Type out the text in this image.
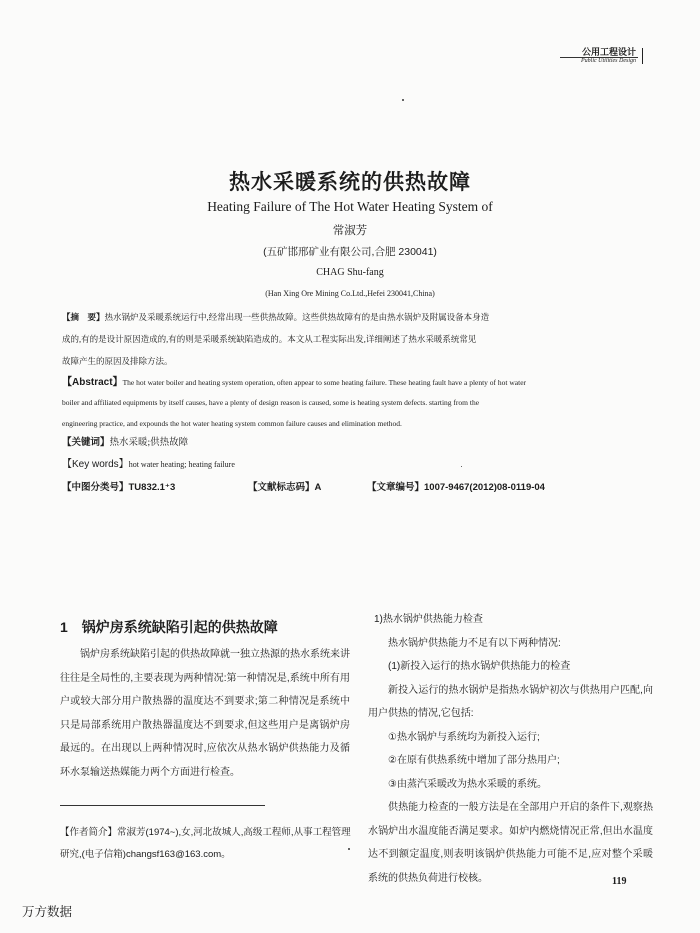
公用工程设计
Public Utilities Design
热水采暖系统的供热故障
Heating Failure of The Hot Water Heating System of
常淑芳
(五矿邯邢矿业有限公司,合肥 230041)
CHAG Shu-fang
(Han Xing Ore Mining Co.Ltd.,Hefei 230041,China)
【摘　要】热水锅炉及采暖系统运行中,经常出现一些供热故障。这些供热故障有的是由热水锅炉及附属设备本身造
成的,有的是设计原因造成的,有的则是采暖系统缺陷造成的。本文从工程实际出发,详细阐述了热水采暖系统常见
故障产生的原因及排除方法。
【Abstract】The hot water boiler and heating system operation, often appear to some heating failure. These heating fault have a plenty of hot water
boiler and affiliated equipments by itself causes, have a plenty of design reason is caused, some is heating system defects. starting from the
engineering practice, and expounds the hot water heating system common failure causes and elimination method.
【关键词】热水采暖;供热故障
【Key words】hot water heating; heating failure
【中图分类号】TU832.1⁺3	【文献标志码】A	【文章编号】1007-9467(2012)08-0119-04
1　锅炉房系统缺陷引起的供热故障
锅炉房系统缺陷引起的供热故障就一独立热源的热水系统来讲往往是全局性的,主要表现为两种情况:第一种情况是,系统中所有用户或较大部分用户散热器的温度达不到要求;第二种情况是系统中只是局部系统用户散热器温度达不到要求,但这些用户是离锅炉房最远的。在出现以上两种情况时,应依次从热水锅炉供热能力及循环水泵输送热媒能力两个方面进行检查。
【作者简介】常淑芳(1974~),女,河北故城人,高级工程师,从事工程管理研究,(电子信箱)changsf163@163.com。

1)热水锅炉供热能力检查

热水锅炉供热能力不足有以下两种情况:

(1)新投入运行的热水锅炉供热能力的检查

新投入运行的热水锅炉是指热水锅炉初次与供热用户匹配,向用户供热的情况,它包括:

①热水锅炉与系统均为新投入运行;

②在原有供热系统中增加了部分热用户;

③由蒸汽采暖改为热水采暖的系统。

供热能力检查的一般方法是在全部用户开启的条件下,观察热水锅炉出水温度能否满足要求。如炉内燃烧情况正常,但出水温度达不到额定温度,则表明该锅炉供热能力可能不足,应对整个采暖系统的供热负荷进行校核。	119
万方数据
